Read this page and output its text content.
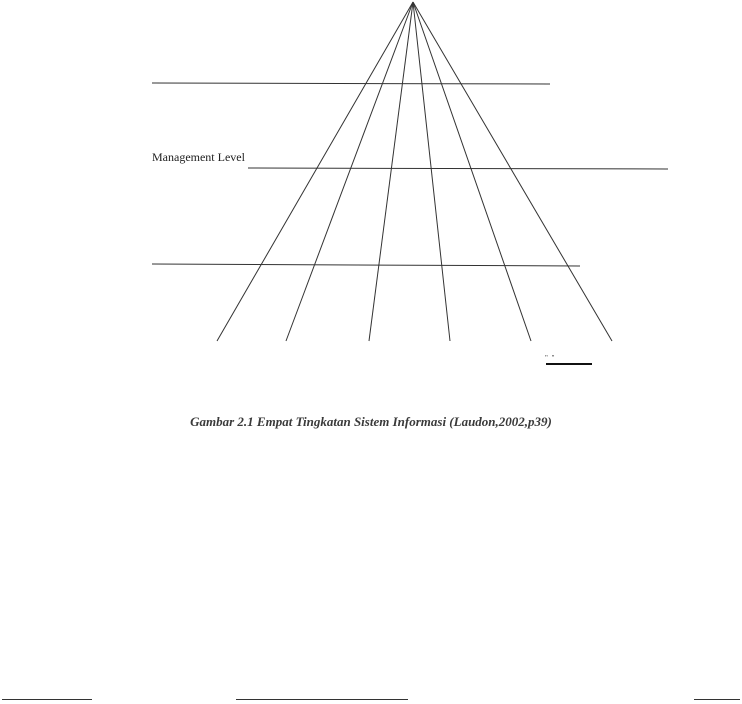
Management Level
" "
Gambar 2.1 Empat Tingkatan Sistem Informasi (Laudon,2002,p39)
